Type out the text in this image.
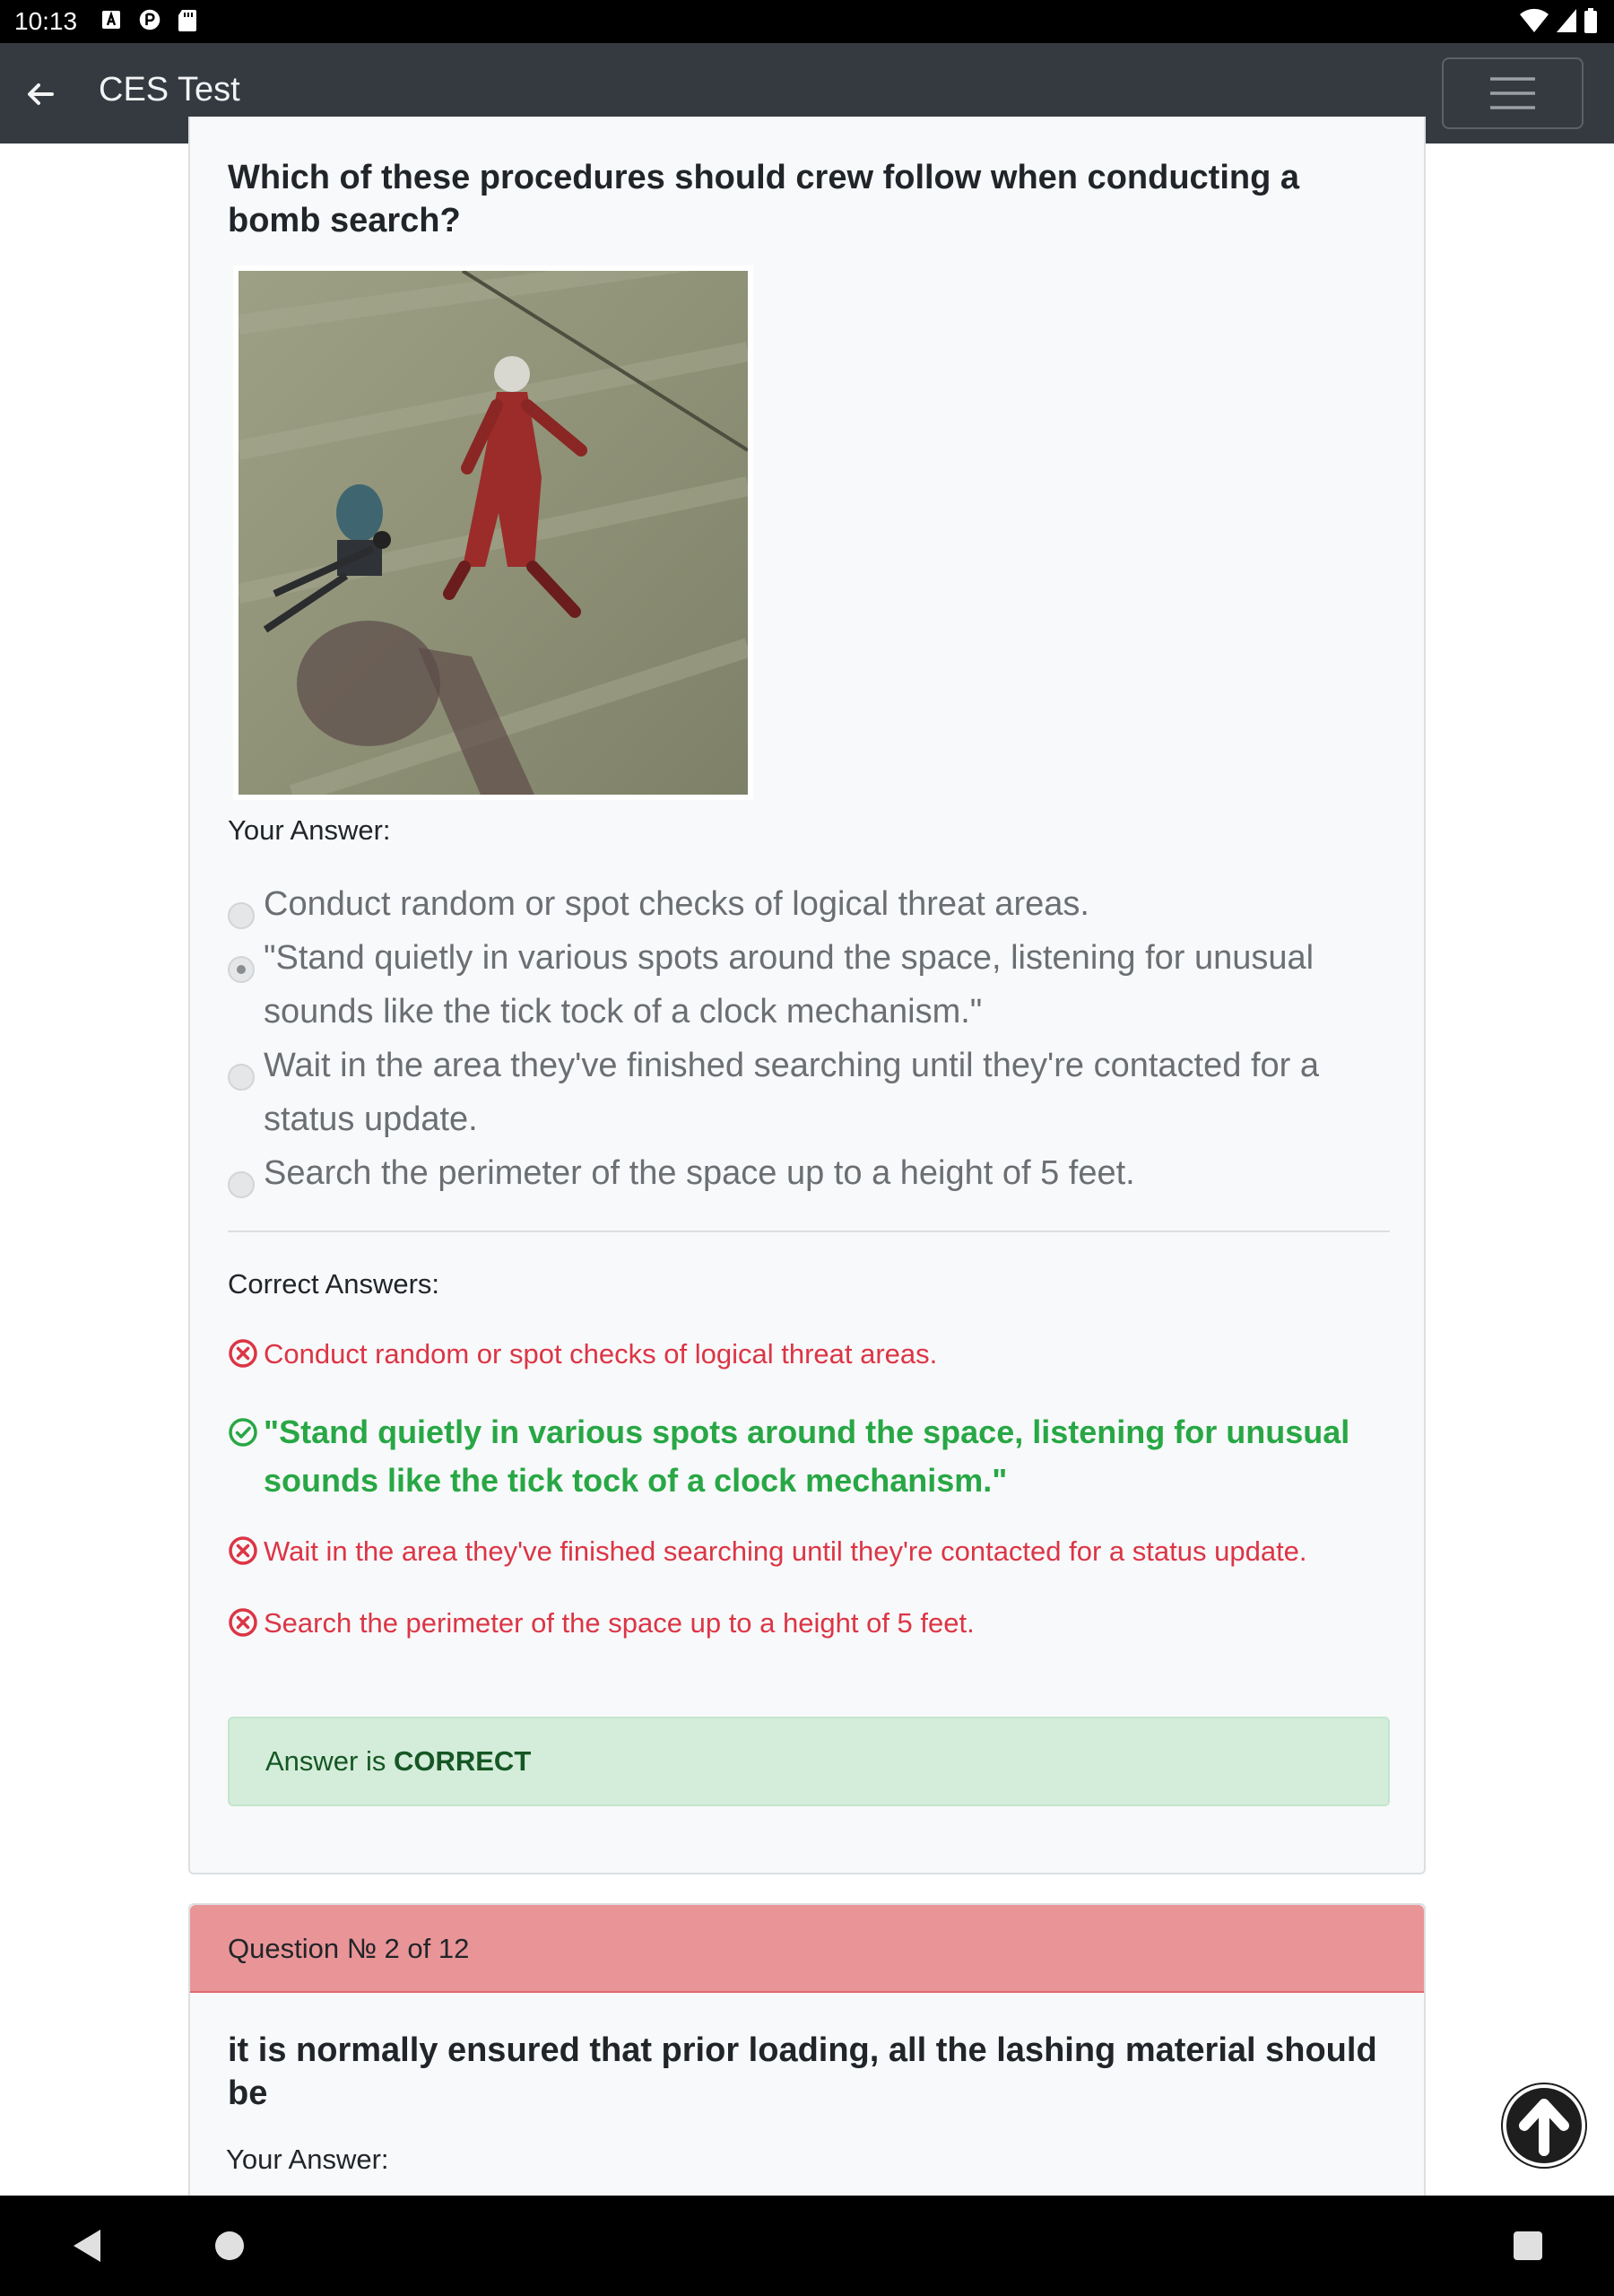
10:13
CES Test
Which of these procedures should crew follow when conducting a bomb search?
Your Answer:
Conduct random or spot checks of logical threat areas.
"Stand quietly in various spots around the space, listening for unusual sounds like the tick tock of a clock mechanism."
Wait in the area they've finished searching until they're contacted for a status update.
Search the perimeter of the space up to a height of 5 feet.
Correct Answers:
Conduct random or spot checks of logical threat areas.
"Stand quietly in various spots around the space, listening for unusual sounds like the tick tock of a clock mechanism."
Wait in the area they've finished searching until they're contacted for a status update.
Search the perimeter of the space up to a height of 5 feet.
Answer is CORRECT
Question № 2 of 12
it is normally ensured that prior loading, all the lashing material should be
Your Answer:
